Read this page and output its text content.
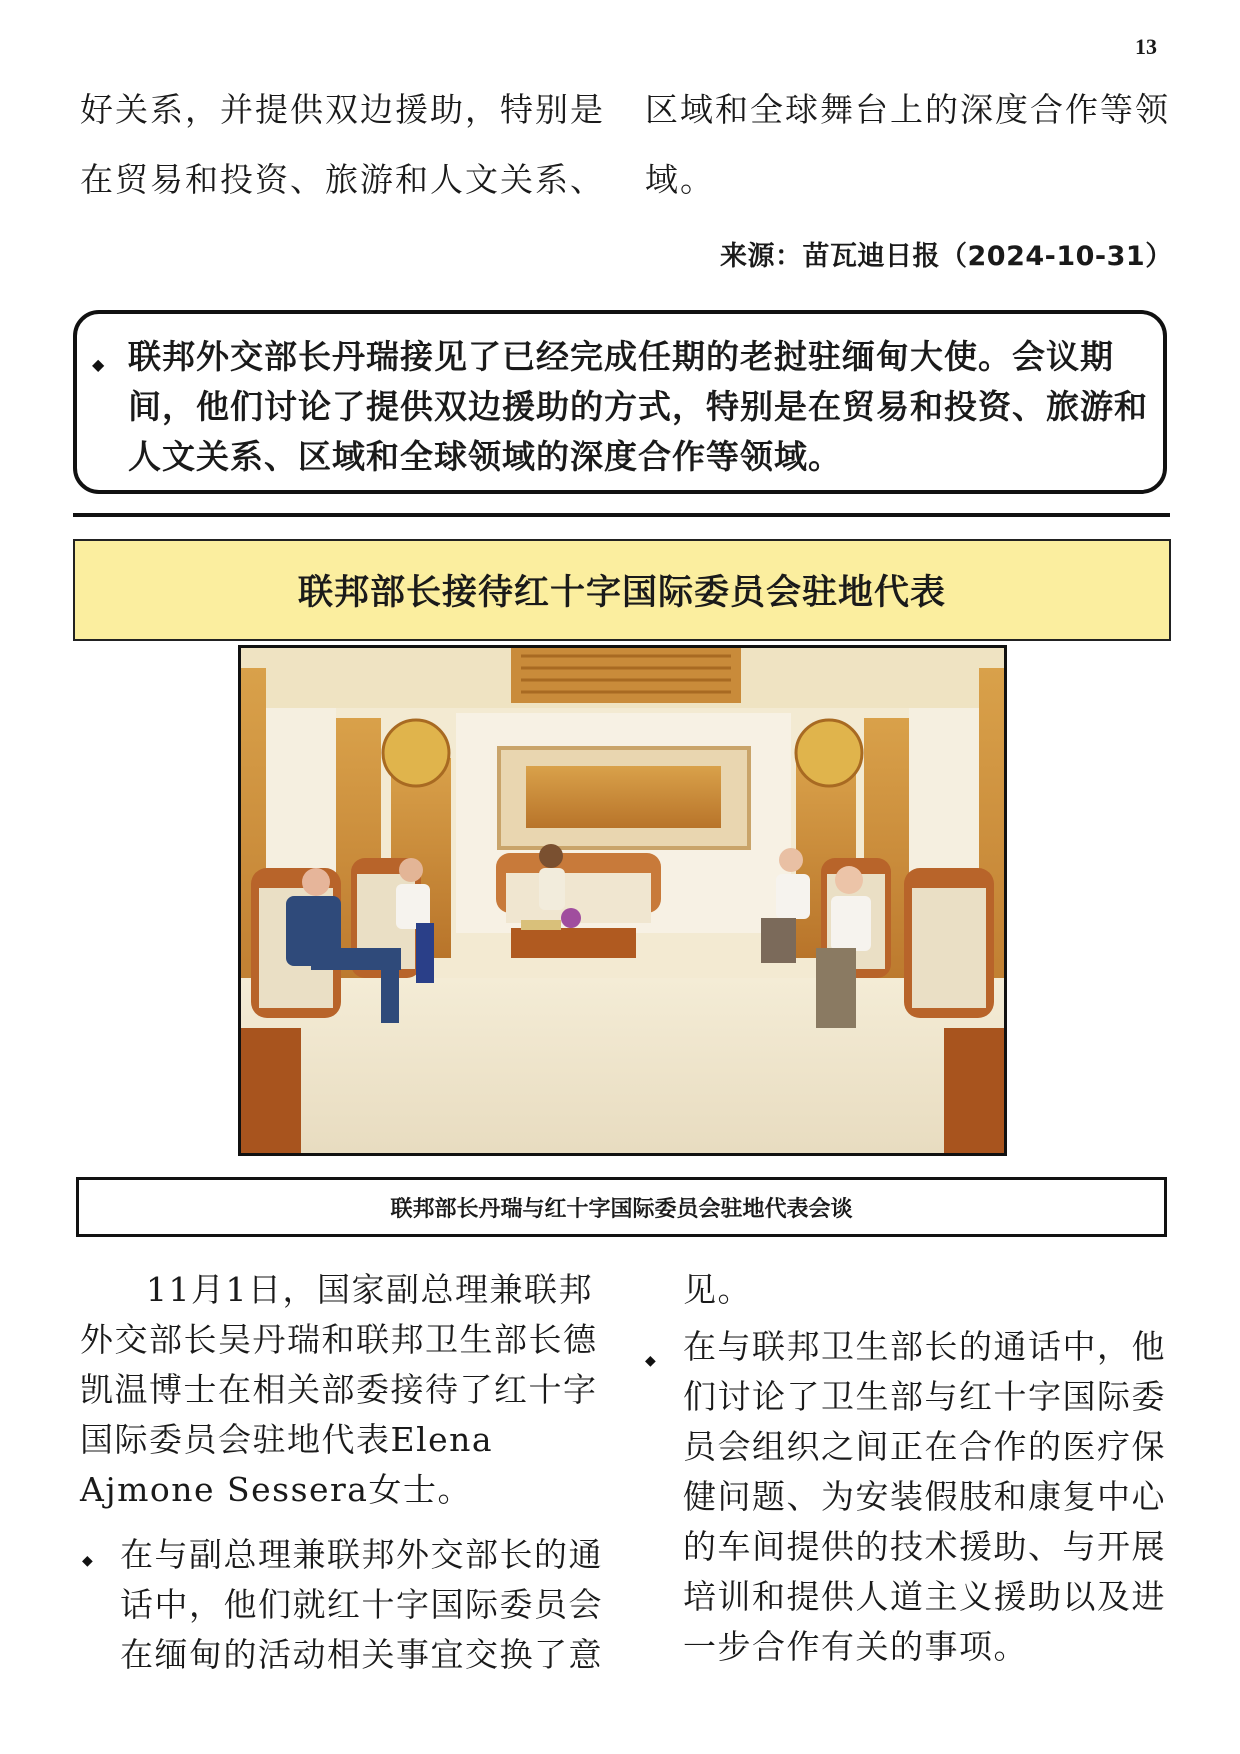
13

好关系，并提供双边援助，特别是在贸易和投资、旅游和人文关系、

区域和全球舞台上的深度合作等领域。

来源：苗瓦迪日报（2024-10-31）
◆ 联邦外交部长丹瑞接见了已经完成任期的老挝驻缅甸大使。会议期间，他们讨论了提供双边援助的方式，特别是在贸易和投资、旅游和人文关系、区域和全球领域的深度合作等领域。

联邦部长接待红十字国际委员会驻地代表
联邦部长丹瑞与红十字国际委员会驻地代表会谈

11月1日，国家副总理兼联邦外交部长吴丹瑞和联邦卫生部长德凯温博士在相关部委接待了红十字国际委员会驻地代表Elena Ajmone Sessera女士。

◆ 在与副总理兼联邦外交部长的通话中，他们就红十字国际委员会在缅甸的活动相关事宜交换了意

见。

◆ 在与联邦卫生部长的通话中，他们讨论了卫生部与红十字国际委员会组织之间正在合作的医疗保健问题、为安装假肢和康复中心的车间提供的技术援助、与开展培训和提供人道主义援助以及进一步合作有关的事项。
